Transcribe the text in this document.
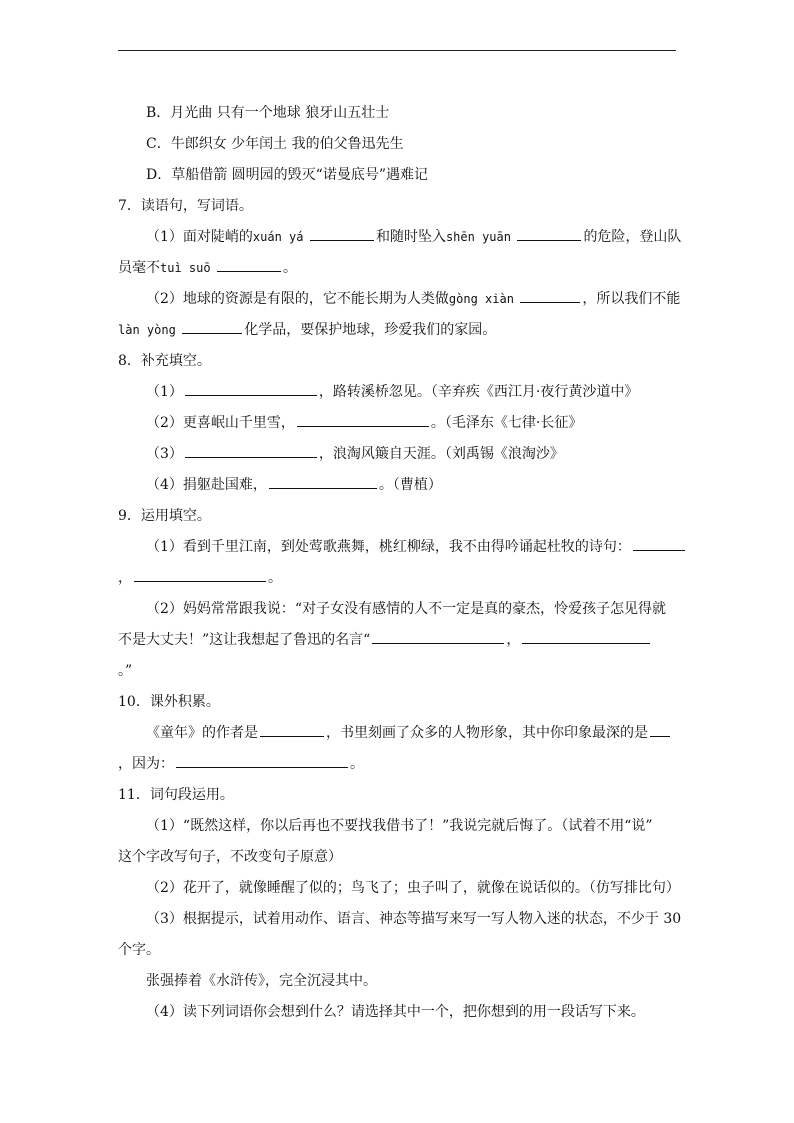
B．月光曲 只有一个地球 狼牙山五壮士
C．牛郎织女 少年闰土 我的伯父鲁迅先生
D．草船借箭 圆明园的毁灭“诺曼底号”遇难记
7．读语句，写词语。
（1）面对陡峭的xuán yá	和随时坠入shēn yuān	的危险，登山队
员毫不tuì suō	。
（2）地球的资源是有限的，它不能长期为人类做gòng xiàn	，所以我们不能
làn yòng	化学品，要保护地球，珍爱我们的家园。
8．补充填空。
（1）	，路转溪桥忽见。（辛弃疾《西江月·夜行黄沙道中》
（2）更喜岷山千里雪，	。（毛泽东《七律·长征》
（3）	，浪淘风簸自天涯。（刘禹锡《浪淘沙》
（4）捐躯赴国难，	。（曹植）
9．运用填空。
（1）看到千里江南，到处莺歌燕舞，桃红柳绿，我不由得吟诵起杜牧的诗句：
，	。
（2）妈妈常常跟我说：“对子女没有感情的人不一定是真的豪杰，怜爱孩子怎见得就
不是大丈夫！”这让我想起了鲁迅的名言“	，
。”
10．课外积累。
《童年》的作者是	，书里刻画了众多的人物形象，其中你印象最深的是
，因为：	。
11．词句段运用。
（1）“既然这样，你以后再也不要找我借书了！”我说完就后悔了。（试着不用“说”
这个字改写句子，不改变句子原意）
（2）花开了，就像睡醒了似的；鸟飞了；虫子叫了，就像在说话似的。（仿写排比句）
（3）根据提示，试着用动作、语言、神态等描写来写一写人物入迷的状态，不少于 30
个字。
张强捧着《水浒传》，完全沉浸其中。
（4）读下列词语你会想到什么？请选择其中一个，把你想到的用一段话写下来。
